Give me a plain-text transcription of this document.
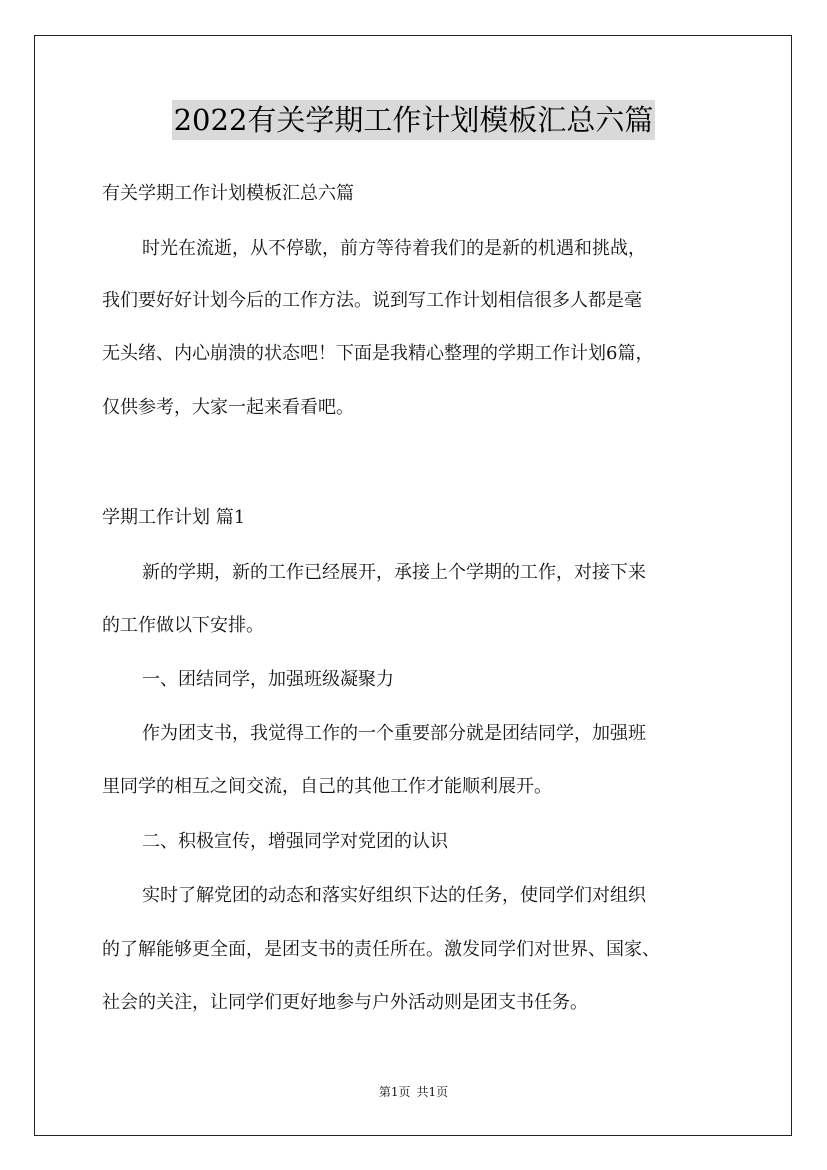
2022有关学期工作计划模板汇总六篇
有关学期工作计划模板汇总六篇
时光在流逝，从不停歇，前方等待着我们的是新的机遇和挑战，
我们要好好计划今后的工作方法。说到写工作计划相信很多人都是毫
无头绪、内心崩溃的状态吧！下面是我精心整理的学期工作计划6篇，
仅供参考，大家一起来看看吧。
学期工作计划 篇1
新的学期，新的工作已经展开，承接上个学期的工作，对接下来
的工作做以下安排。
一、团结同学，加强班级凝聚力
作为团支书，我觉得工作的一个重要部分就是团结同学，加强班
里同学的相互之间交流，自己的其他工作才能顺利展开。
二、积极宣传，增强同学对党团的认识
实时了解党团的动态和落实好组织下达的任务，使同学们对组织
的了解能够更全面，是团支书的责任所在。激发同学们对世界、国家、
社会的关注，让同学们更好地参与户外活动则是团支书任务。
第1页 共1页
